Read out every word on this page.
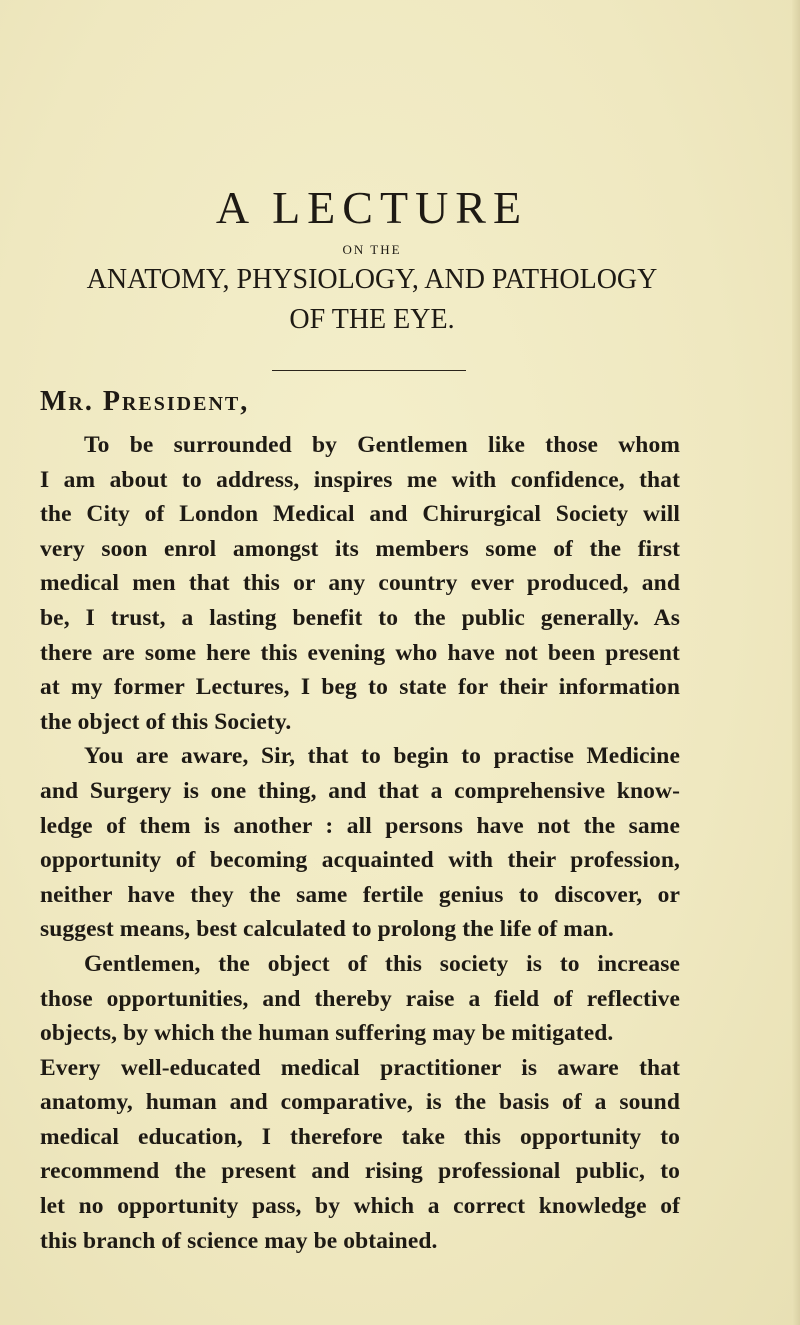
A LECTURE
ON THE
ANATOMY, PHYSIOLOGY, AND PATHOLOGY
OF THE EYE.
Mr. President,
To be surrounded by Gentlemen like those whom
I am about to address, inspires me with confidence, that
the City of London Medical and Chirurgical Society will
very soon enrol amongst its members some of the first
medical men that this or any country ever produced, and
be, I trust, a lasting benefit to the public generally. As
there are some here this evening who have not been present
at my former Lectures, I beg to state for their information
the object of this Society.
You are aware, Sir, that to begin to practise Medicine
and Surgery is one thing, and that a comprehensive know-
ledge of them is another : all persons have not the same
opportunity of becoming acquainted with their profession,
neither have they the same fertile genius to discover, or
suggest means, best calculated to prolong the life of man.
Gentlemen, the object of this society is to increase
those opportunities, and thereby raise a field of reflective
objects, by which the human suffering may be mitigated.
Every well-educated medical practitioner is aware that
anatomy, human and comparative, is the basis of a sound
medical education, I therefore take this opportunity to
recommend the present and rising professional public, to
let no opportunity pass, by which a correct knowledge of
this branch of science may be obtained.
